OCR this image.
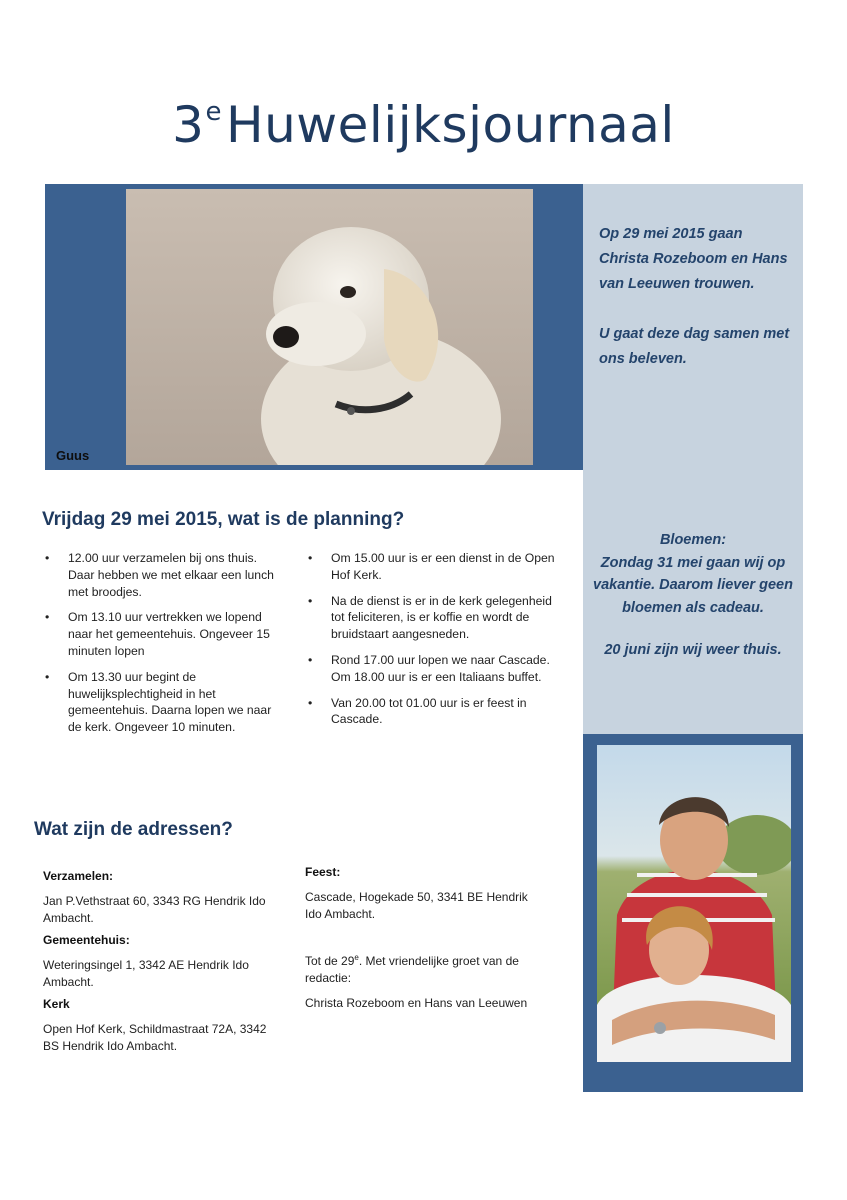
3eHuwelijksjournaal
Guus

Op 29 mei 2015 gaan Christa Rozeboom en Hans van Leeuwen trouwen.

U gaat deze dag samen met ons beleven.

Bloemen:

Zondag 31 mei gaan wij op vakantie. Daarom liever geen bloemen als cadeau.

20 juni zijn wij weer thuis.

Vrijdag 29 mei 2015, wat is de planning?
• 12.00 uur verzamelen bij ons thuis. Daar hebben we met elkaar een lunch met broodjes.
• Om 13.10 uur vertrekken we lopend naar het gemeentehuis. Ongeveer 15 minuten lopen
• Om 13.30 uur begint de huwelijksplechtigheid in het gemeentehuis. Daarna lopen we naar de kerk. Ongeveer 10 minuten.
• Om 15.00 uur is er een dienst in de Open Hof Kerk.
• Na de dienst is er in de kerk gelegenheid tot feliciteren, is er koffie en wordt de bruidstaart aangesneden.
• Rond 17.00 uur lopen we naar Cascade. Om 18.00 uur is er een Italiaans buffet.
• Van 20.00 tot 01.00 uur is er feest in Cascade.
Wat zijn de adressen?

Verzamelen:

Jan P.Vethstraat 60, 3343 RG Hendrik Ido Ambacht.

Gemeentehuis:

Weteringsingel 1, 3342 AE Hendrik Ido Ambacht.

Kerk

Open Hof Kerk, Schildmastraat 72A, 3342 BS Hendrik Ido Ambacht.

Feest:

Cascade, Hogekade 50, 3341 BE Hendrik Ido Ambacht.

Tot de 29e. Met vriendelijke groet van de redactie:

Christa Rozeboom en Hans van Leeuwen
